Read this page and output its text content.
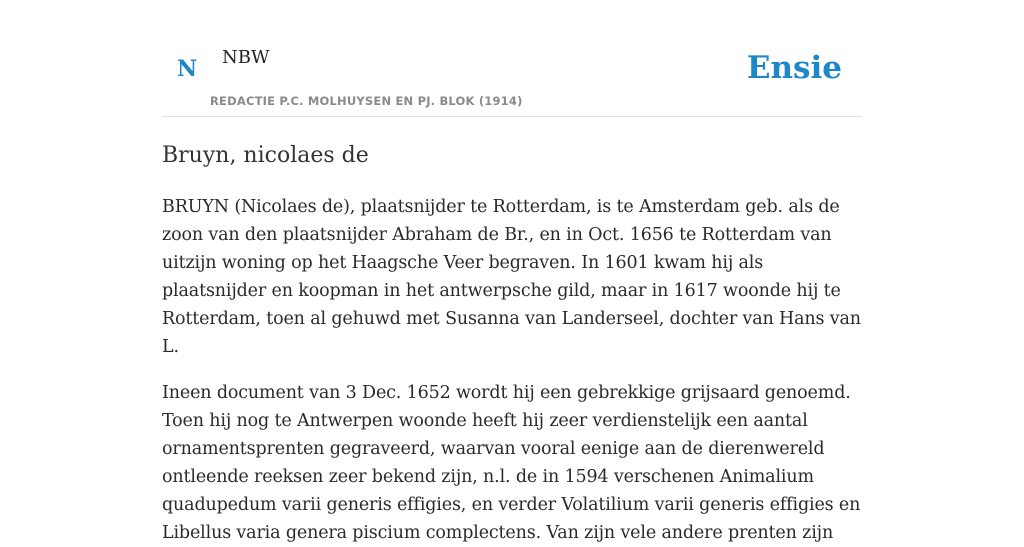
N NBW
REDACTIE P.C. MOLHUYSEN EN PJ. BLOK (1914)
Ensie
Bruyn, nicolaes de

BRUYN (Nicolaes de), plaatsnijder te Rotterdam, is te Amsterdam geb. als de zoon van den plaatsnijder Abraham de Br., en in Oct. 1656 te Rotterdam van uitzijn woning op het Haagsche Veer begraven. In 1601 kwam hij als plaatsnijder en koopman in het antwerpsche gild, maar in 1617 woonde hij te Rotterdam, toen al gehuwd met Susanna van Landerseel, dochter van Hans van L.

Ineen document van 3 Dec. 1652 wordt hij een gebrekkige grijsaard genoemd. Toen hij nog te Antwerpen woonde heeft hij zeer verdienstelijk een aantal ornamentsprenten gegraveerd, waarvan vooral eenige aan de dierenwereld ontleende reeksen zeer bekend zijn, n.l. de in 1594 verschenen Animalium quadupedum varii generis effigies, en verder Volatilium varii generis effigies en Libellus varia genera piscium complectens. Van zijn vele andere prenten zijn
